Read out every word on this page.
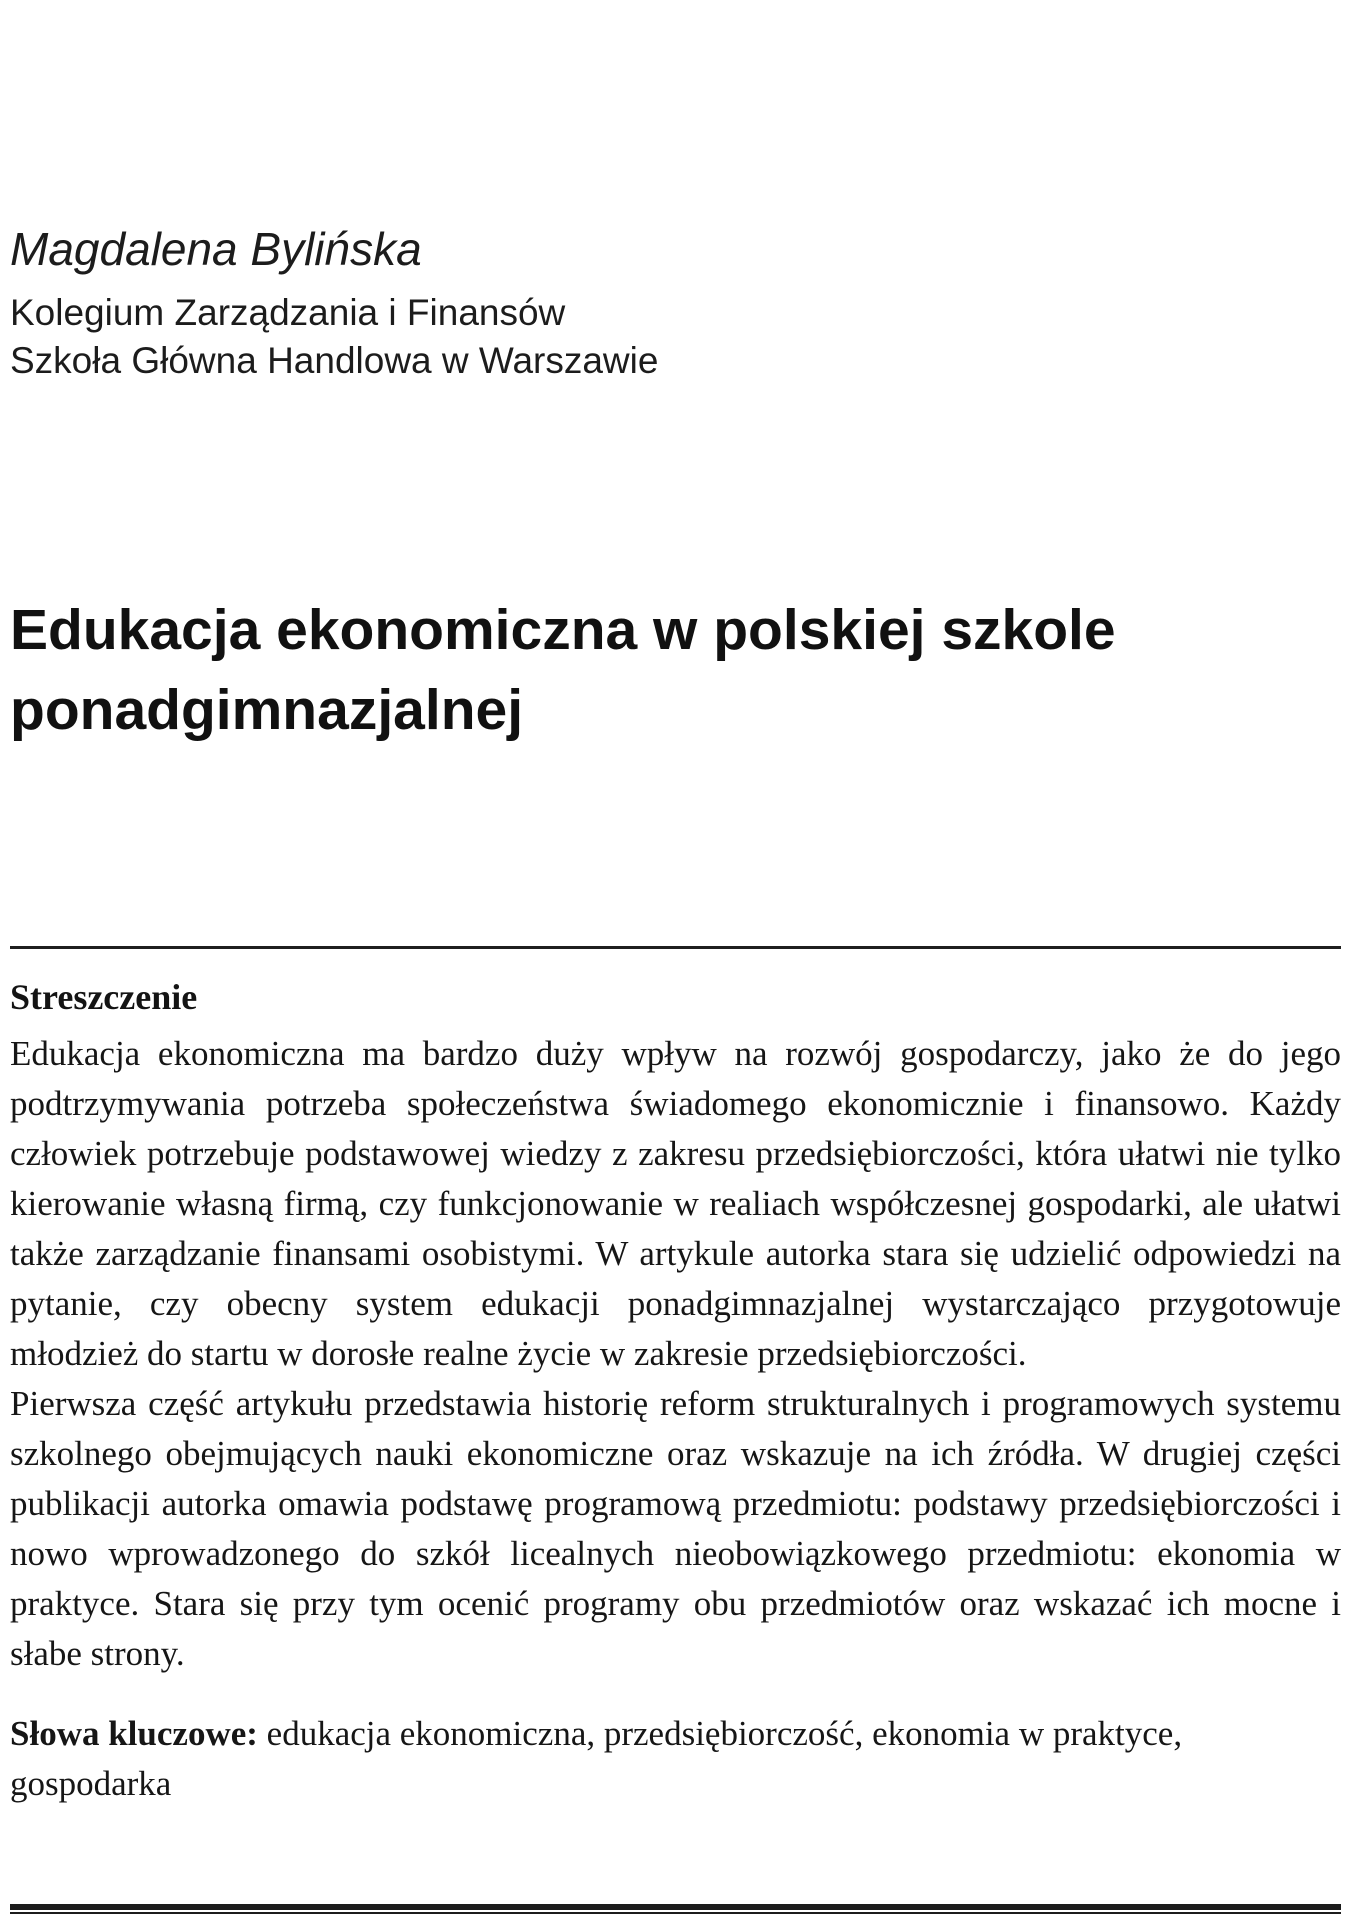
Magdalena Bylińska
Kolegium Zarządzania i Finansów
Szkoła Główna Handlowa w Warszawie
Edukacja ekonomiczna w polskiej szkole ponadgimnazjalnej
Streszczenie

Edukacja ekonomiczna ma bardzo duży wpływ na rozwój gospodarczy, jako że do jego podtrzymywania potrzeba społeczeństwa świadomego ekonomicznie i finansowo. Każdy człowiek potrzebuje podstawowej wiedzy z zakresu przedsiębiorczości, która ułatwi nie tylko kierowanie własną firmą, czy funkcjonowanie w realiach współczesnej gospodarki, ale ułatwi także zarządzanie finansami osobistymi. W artykule autorka stara się udzielić odpowiedzi na pytanie, czy obecny system edukacji ponadgimnazjalnej wystarczająco przygotowuje młodzież do startu w dorosłe realne życie w zakresie przedsiębiorczości.

Pierwsza część artykułu przedstawia historię reform strukturalnych i programowych systemu szkolnego obejmujących nauki ekonomiczne oraz wskazuje na ich źródła. W drugiej części publikacji autorka omawia podstawę programową przedmiotu: podstawy przedsiębiorczości i nowo wprowadzonego do szkół licealnych nieobowiązkowego przedmiotu: ekonomia w praktyce. Stara się przy tym ocenić programy obu przedmiotów oraz wskazać ich mocne i słabe strony.

Słowa kluczowe: edukacja ekonomiczna, przedsiębiorczość, ekonomia w praktyce, gospodarka
